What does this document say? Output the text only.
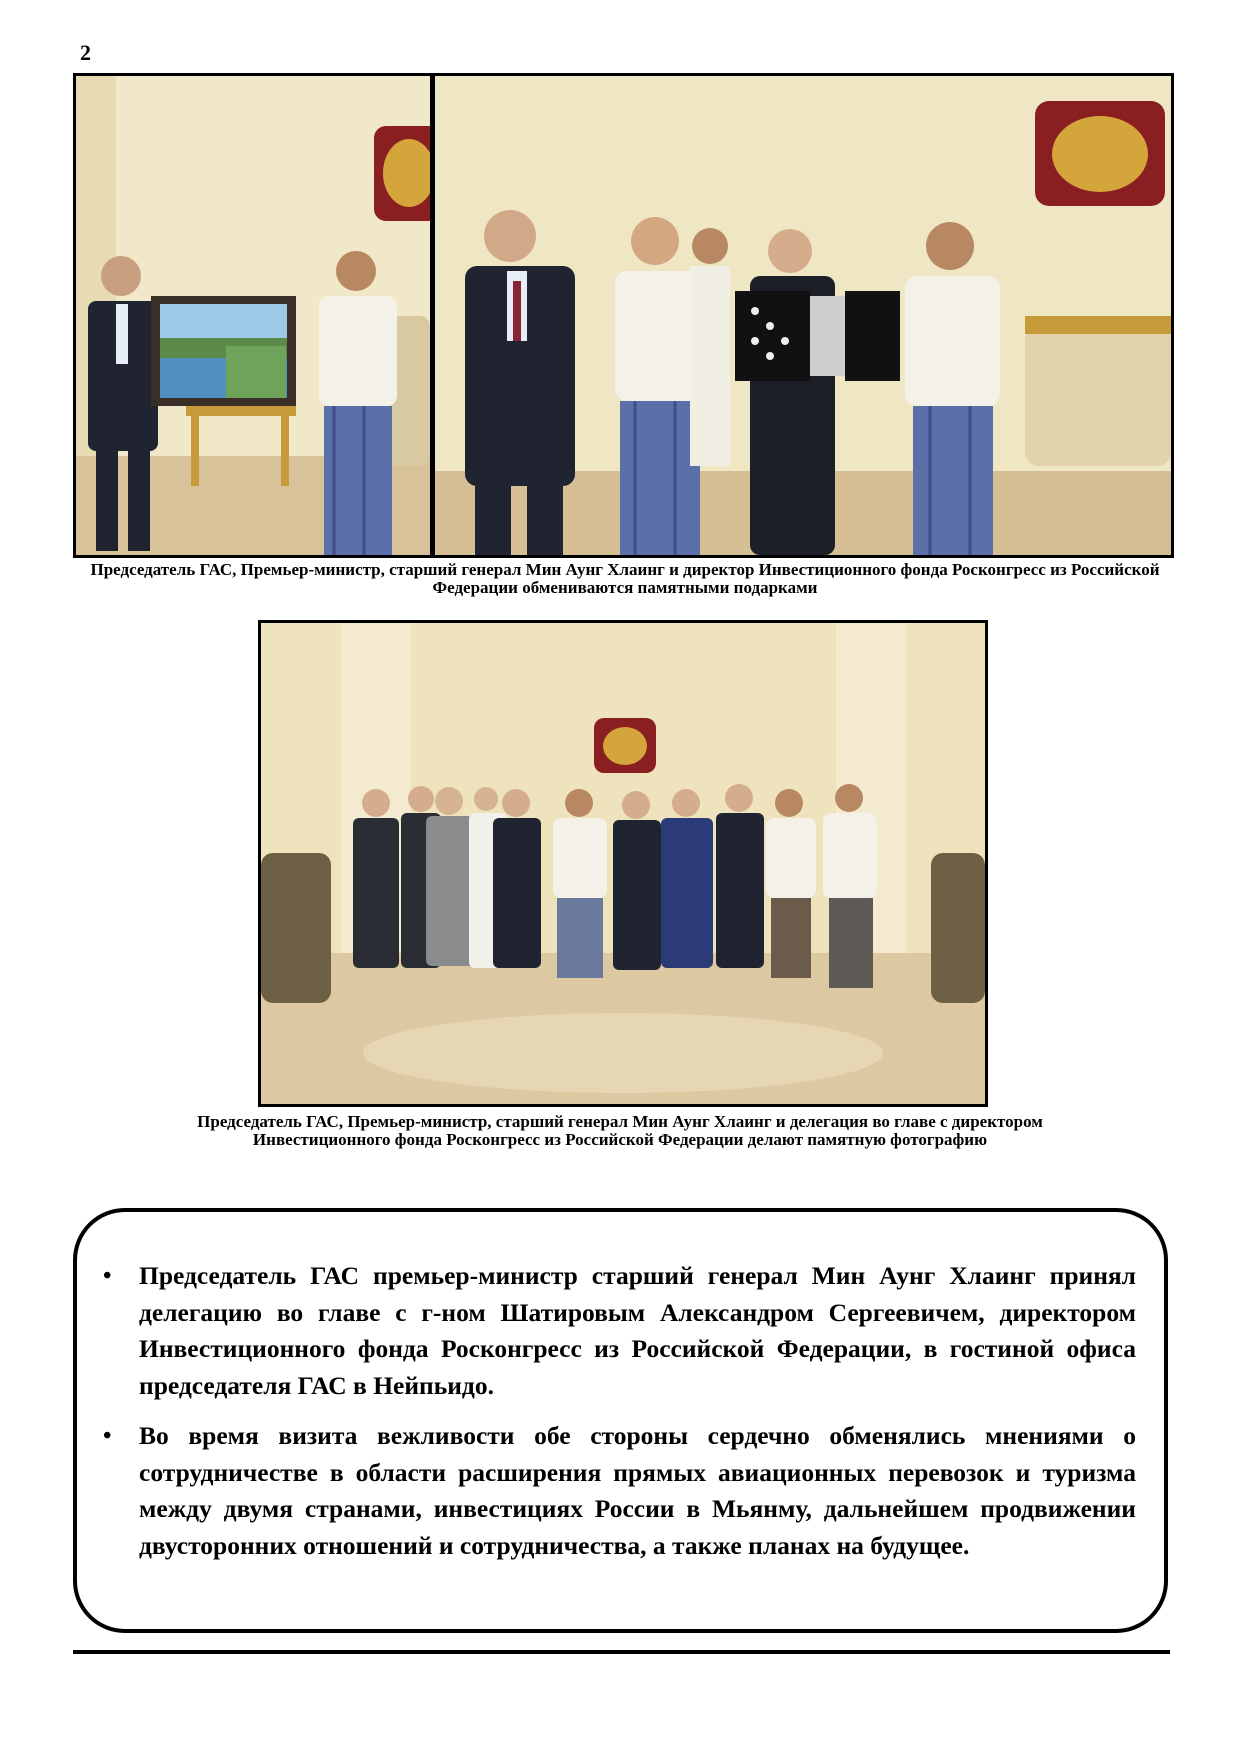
2
Председатель ГАС, Премьер-министр, старший генерал Мин Аунг Хлаинг и директор Инвестиционного фонда Росконгресс из Российской Федерации обмениваются памятными подарками
Председатель ГАС, Премьер-министр, старший генерал Мин Аунг Хлаинг и делегация во главе с директором Инвестиционного фонда Росконгресс из Российской Федерации делают памятную фотографию
• Председатель ГАС премьер-министр старший генерал Мин Аунг Хлаинг принял делегацию во главе с г-ном Шатировым Александром Сергеевичем, директором Инвестиционного фонда Росконгресс из Российской Федерации, в гостиной офиса председателя ГАС в Нейпьидо.
• Во время визита вежливости обе стороны сердечно обменялись мнениями о сотрудничестве в области расширения прямых авиационных перевозок и туризма между двумя странами, инвестициях России в Мьянму, дальнейшем продвижении двусторонних отношений и сотрудничества, а также планах на будущее.
